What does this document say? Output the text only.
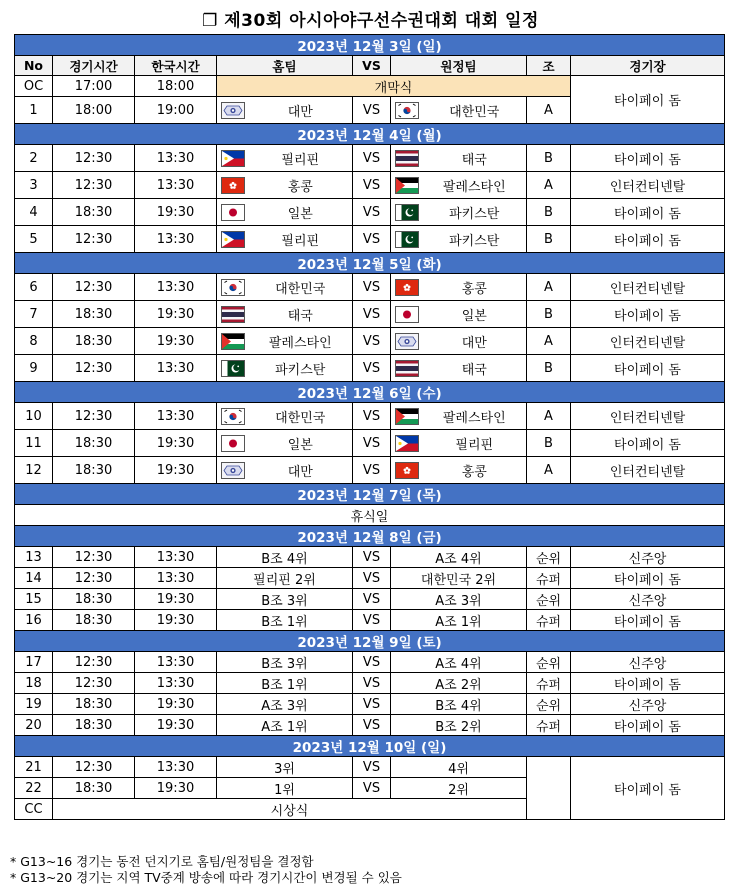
❐ 제30회 아시아야구선수권대회 대회 일정
2023년 12월 3일 (일)									
No	경기시간	한국시간	홈팀		VS	원정팀		조	경기장
OC	17:00	18:00	개막식						타이페이 돔
1	18:00	19:00		대만	VS		대한민국	A	
2023년 12월 4일 (월)									
2	12:30	13:30		필리핀	VS		태국	B	타이페이 돔
3	12:30	13:30		홍콩	VS		팔레스타인	A	인터컨티넨탈
4	18:30	19:30		일본	VS		파키스탄	B	타이페이 돔
5	12:30	13:30		필리핀	VS		파키스탄	B	타이페이 돔
2023년 12월 5일 (화)									
6	12:30	13:30		대한민국	VS		홍콩	A	인터컨티넨탈
7	18:30	19:30		태국	VS		일본	B	타이페이 돔
8	18:30	19:30		팔레스타인	VS		대만	A	인터컨티넨탈
9	12:30	13:30		파키스탄	VS		태국	B	타이페이 돔
2023년 12월 6일 (수)									
10	12:30	13:30		대한민국	VS		팔레스타인	A	인터컨티넨탈
11	18:30	19:30		일본	VS		필리핀	B	타이페이 돔
12	18:30	19:30		대만	VS		홍콩	A	인터컨티넨탈
2023년 12월 7일 (목)									
휴식일									
2023년 12월 8일 (금)									
13	12:30	13:30	B조 4위		VS	A조 4위		순위	신주앙
14	12:30	13:30	필리핀 2위		VS	대한민국 2위		슈퍼	타이페이 돔
15	18:30	19:30	B조 3위		VS	A조 3위		순위	신주앙
16	18:30	19:30	B조 1위		VS	A조 1위		슈퍼	타이페이 돔
2023년 12월 9일 (토)									
17	12:30	13:30	B조 3위		VS	A조 4위		순위	신주앙
18	12:30	13:30	B조 1위		VS	A조 2위		슈퍼	타이페이 돔
19	18:30	19:30	A조 3위		VS	B조 4위		순위	신주앙
20	18:30	19:30	A조 1위		VS	B조 2위		슈퍼	타이페이 돔
2023년 12월 10일 (일)									
21	12:30	13:30	3위		VS	4위			타이페이 돔
22	18:30	19:30	1위		VS	2위			
CC	시상식								
* G13~16 경기는 동전 던지기로 홈팀/원정팀을 결정함
* G13~20 경기는 지역 TV중계 방송에 따라 경기시간이 변경될 수 있음
